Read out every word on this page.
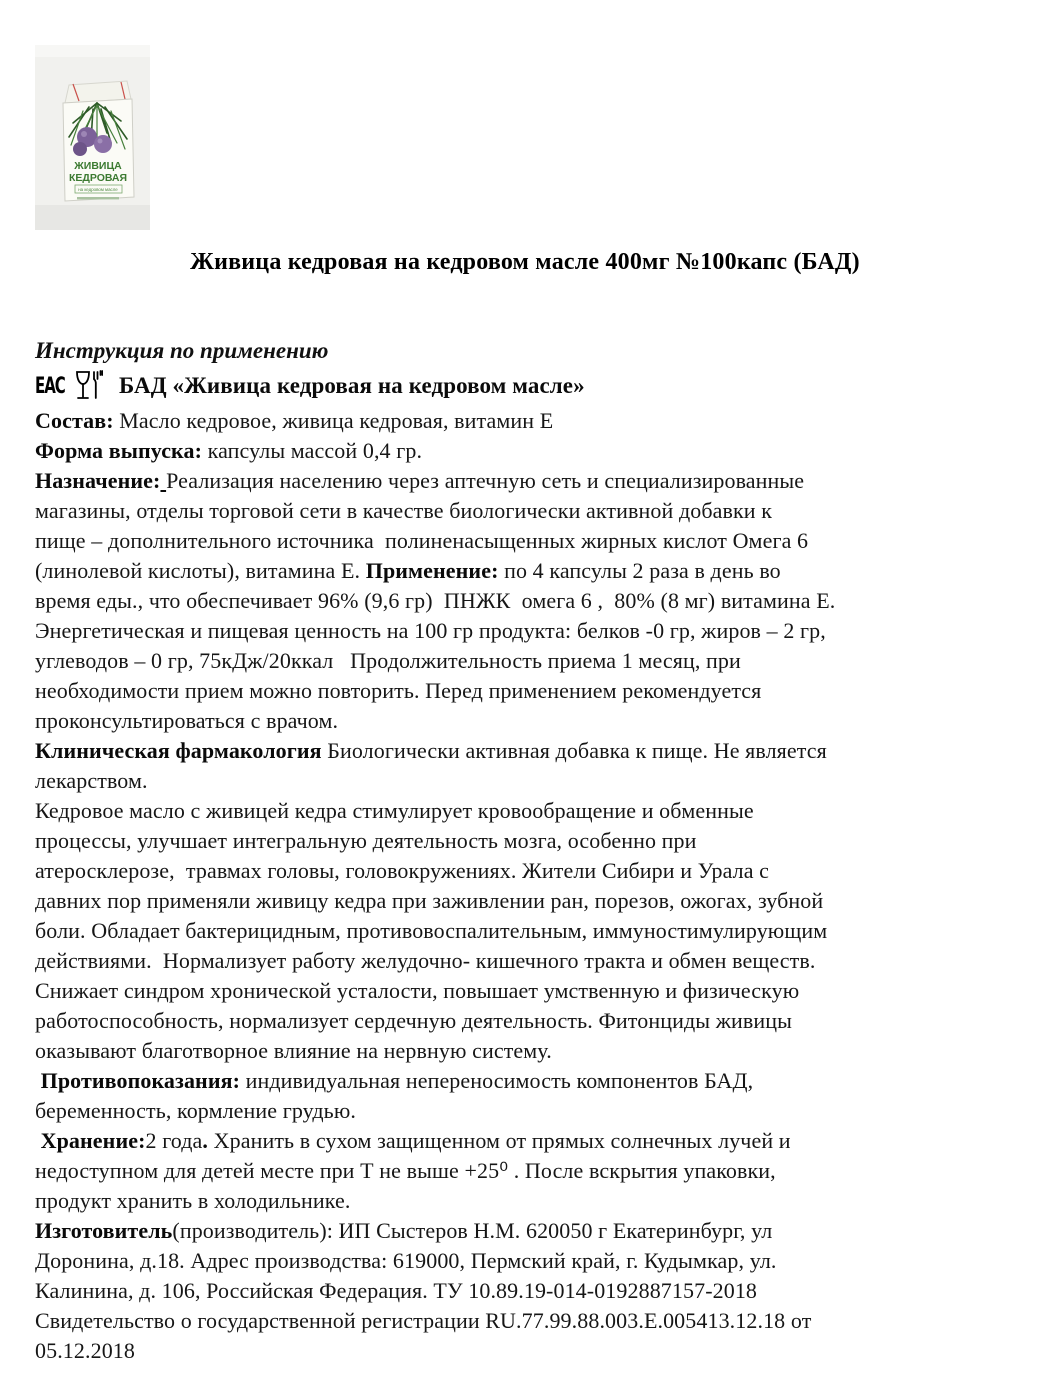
ЖИВИЦА
КЕДРОВАЯ
на кедровом масле
Живица кедровая на кедровом масле 400мг №100капс (БАД)
Инструкция по применению
EAC БАД «Живица кедровая на кедровом масле»
Состав: Масло кедровое, живица кедровая, витамин Е
Форма выпуска: капсулы массой 0,4 гр.
Назначение: Реализация населению через аптечную сеть и специализированные
магазины, отделы торговой сети в качестве биологически активной добавки к
пище – дополнительного источника  полиненасыщенных жирных кислот Омега 6
(линолевой кислоты), витамина Е. Применение: по 4 капсулы 2 раза в день во
время еды., что обеспечивает 96% (9,6 гр)  ПНЖК  омега 6 ,  80% (8 мг) витамина Е.
Энергетическая и пищевая ценность на 100 гр продукта: белков -0 гр, жиров – 2 гр,
углеводов – 0 гр, 75кДж/20ккал   Продолжительность приема 1 месяц, при
необходимости прием можно повторить. Перед применением рекомендуется
проконсультироваться с врачом.
Клиническая фармакология Биологически активная добавка к пище. Не является
лекарством.
Кедровое масло с живицей кедра стимулирует кровообращение и обменные
процессы, улучшает интегральную деятельность мозга, особенно при
атеросклерозе,  травмах головы, головокружениях. Жители Сибири и Урала с
давних пор применяли живицу кедра при заживлении ран, порезов, ожогах, зубной
боли. Обладает бактерицидным, противовоспалительным, иммуностимулирующим
действиями.  Нормализует работу желудочно- кишечного тракта и обмен веществ.
Снижает синдром хронической усталости, повышает умственную и физическую
работоспособность, нормализует сердечную деятельность. Фитонциды живицы
оказывают благотворное влияние на нервную систему.
Противопоказания: индивидуальная непереносимость компонентов БАД,
беременность, кормление грудью.
Хранение:2 года. Хранить в сухом защищенном от прямых солнечных лучей и
недоступном для детей месте при Т не выше +25⁰ . После вскрытия упаковки,
продукт хранить в холодильнике.
Изготовитель(производитель): ИП Сыстеров Н.М. 620050 г Екатеринбург, ул
Доронина, д.18. Адрес производства: 619000, Пермский край, г. Кудымкар, ул.
Калинина, д. 106, Российская Федерация. ТУ 10.89.19-014-0192887157-2018
Свидетельство о государственной регистрации RU.77.99.88.003.Е.005413.12.18 от
05.12.2018
